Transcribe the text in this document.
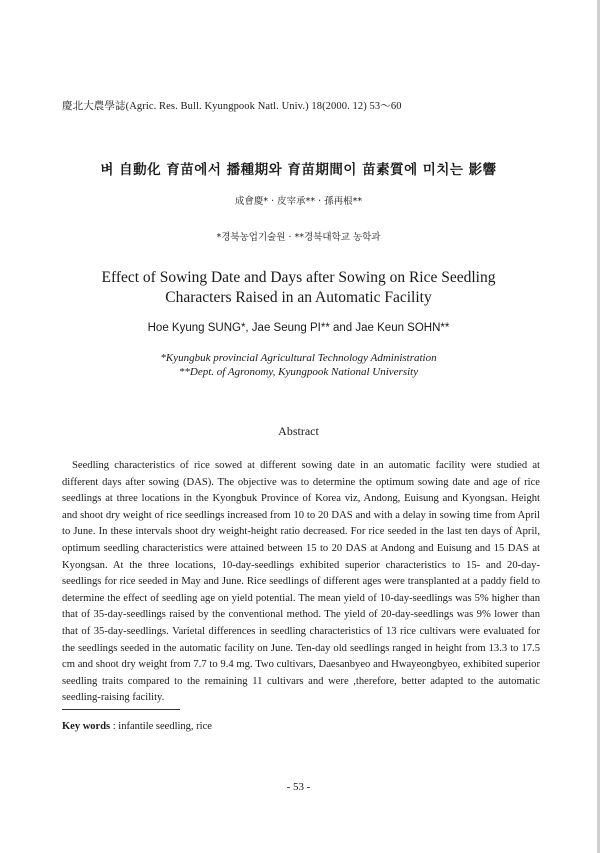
慶北大農學誌(Agric. Res. Bull. Kyungpook Natl. Univ.) 18(2000. 12) 53～60
벼 自動化 育苗에서 播種期와 育苗期間이 苗素質에 미치는 影響
成會慶* · 皮宰承** · 孫再根**
*경북농업기술원 · **경북대학교 농학과
Effect of Sowing Date and Days after Sowing on Rice Seedling
Characters Raised in an Automatic Facility
Hoe Kyung SUNG*, Jae Seung PI** and Jae Keun SOHN**
*Kyungbuk provincial Agricultural Technology Administration
**Dept. of Agronomy, Kyungpook National University
Abstract
Seedling characteristics of rice sowed at different sowing date in an automatic facility were studied at different days after sowing (DAS). The objective was to determine the optimum sowing date and age of rice seedlings at three locations in the Kyongbuk Province of Korea viz, Andong, Euisung and Kyongsan. Height and shoot dry weight of rice seedlings increased from 10 to 20 DAS and with a delay in sowing time from April to June. In these intervals shoot dry weight-height ratio decreased. For rice seeded in the last ten days of April, optimum seedling characteristics were attained between 15 to 20 DAS at Andong and Euisung and 15 DAS at Kyongsan. At the three locations, 10-day-seedlings exhibited superior characteristics to 15- and 20-day-seedlings for rice seeded in May and June. Rice seedlings of different ages were transplanted at a paddy field to determine the effect of seedling age on yield potential. The mean yield of 10-day-seedlings was 5% higher than that of 35-day-seedlings raised by the conventional method. The yield of 20-day-seedlings was 9% lower than that of 35-day-seedlings. Varietal differences in seedling characteristics of 13 rice cultivars were evaluated for the seedlings seeded in the automatic facility on June. Ten-day old seedlings ranged in height from 13.3 to 17.5 cm and shoot dry weight from 7.7 to 9.4 mg. Two cultivars, Daesanbyeo and Hwayeongbyeo, exhibited superior seedling traits compared to the remaining 11 cultivars and were ,therefore, better adapted to the automatic seedling-raising facility.
Key words : infantile seedling, rice
- 53 -
